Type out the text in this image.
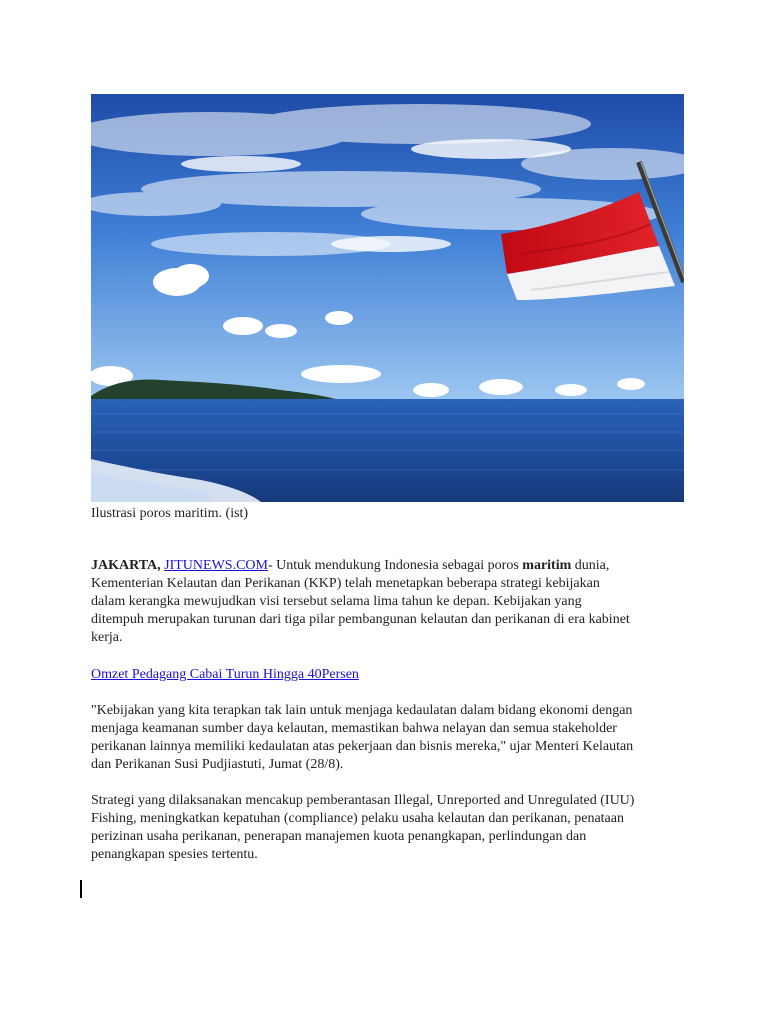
Ilustrasi poros maritim. (ist)
JAKARTA, JITUNEWS.COM- Untuk mendukung Indonesia sebagai poros maritim dunia,
Kementerian Kelautan dan Perikanan (KKP) telah menetapkan beberapa strategi kebijakan
dalam kerangka mewujudkan visi tersebut selama lima tahun ke depan. Kebijakan yang
ditempuh merupakan turunan dari tiga pilar pembangunan kelautan dan perikanan di era kabinet
kerja.
Omzet Pedagang Cabai Turun Hingga 40Persen
"Kebijakan yang kita terapkan tak lain untuk menjaga kedaulatan dalam bidang ekonomi dengan
menjaga keamanan sumber daya kelautan, memastikan bahwa nelayan dan semua stakeholder
perikanan lainnya memiliki kedaulatan atas pekerjaan dan bisnis mereka," ujar Menteri Kelautan
dan Perikanan Susi Pudjiastuti, Jumat (28/8).
Strategi yang dilaksanakan mencakup pemberantasan Illegal, Unreported and Unregulated (IUU)
Fishing, meningkatkan kepatuhan (compliance) pelaku usaha kelautan dan perikanan, penataan
perizinan usaha perikanan, penerapan manajemen kuota penangkapan, perlindungan dan
penangkapan spesies tertentu.
